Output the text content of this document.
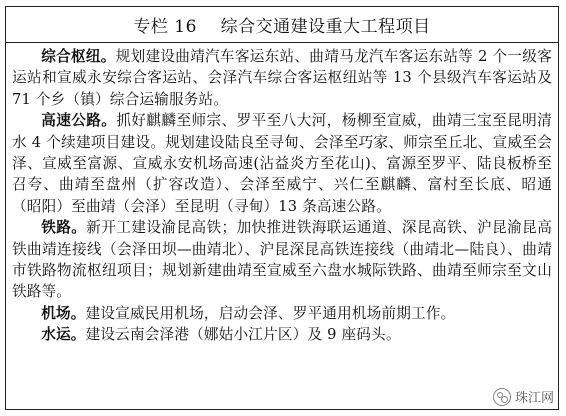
专栏 16
综合交通建设重大工程项目

综合枢纽。规划建设曲靖汽车客运东站、曲靖马龙汽车客运东站等 2 个一级客运站和宣威永安综合客运站、会泽汽车综合客运枢纽站等 13 个县级汽车客运站及 71 个乡（镇）综合运输服务站。

高速公路。抓好麒麟至师宗、罗平至八大河，杨柳至宣威，曲靖三宝至昆明清水 4 个续建项目建设。规划建设陆良至寻甸、会泽至巧家、师宗至丘北、宣威至会泽、宣威至富源、宣威永安机场高速(沾益炎方至花山)、富源至罗平、陆良板桥至召夸、曲靖至盘州（扩容改造）、会泽至威宁、兴仁至麒麟、富村至长底、昭通（昭阳）至曲靖（会泽）至昆明（寻甸）13 条高速公路。

铁路。新开工建设渝昆高铁；加快推进铁海联运通道、深昆高铁、沪昆渝昆高铁曲靖连接线（会泽田坝—曲靖北）、沪昆深昆高铁连接线（曲靖北—陆良）、曲靖市铁路物流枢纽项目；规划新建曲靖至宣威至六盘水城际铁路、曲靖至师宗至文山铁路等。

机场。建设宣威民用机场，启动会泽、罗平通用机场前期工作。

水运。建设云南会泽港（娜姑小江片区）及 9 座码头。

珠江网
